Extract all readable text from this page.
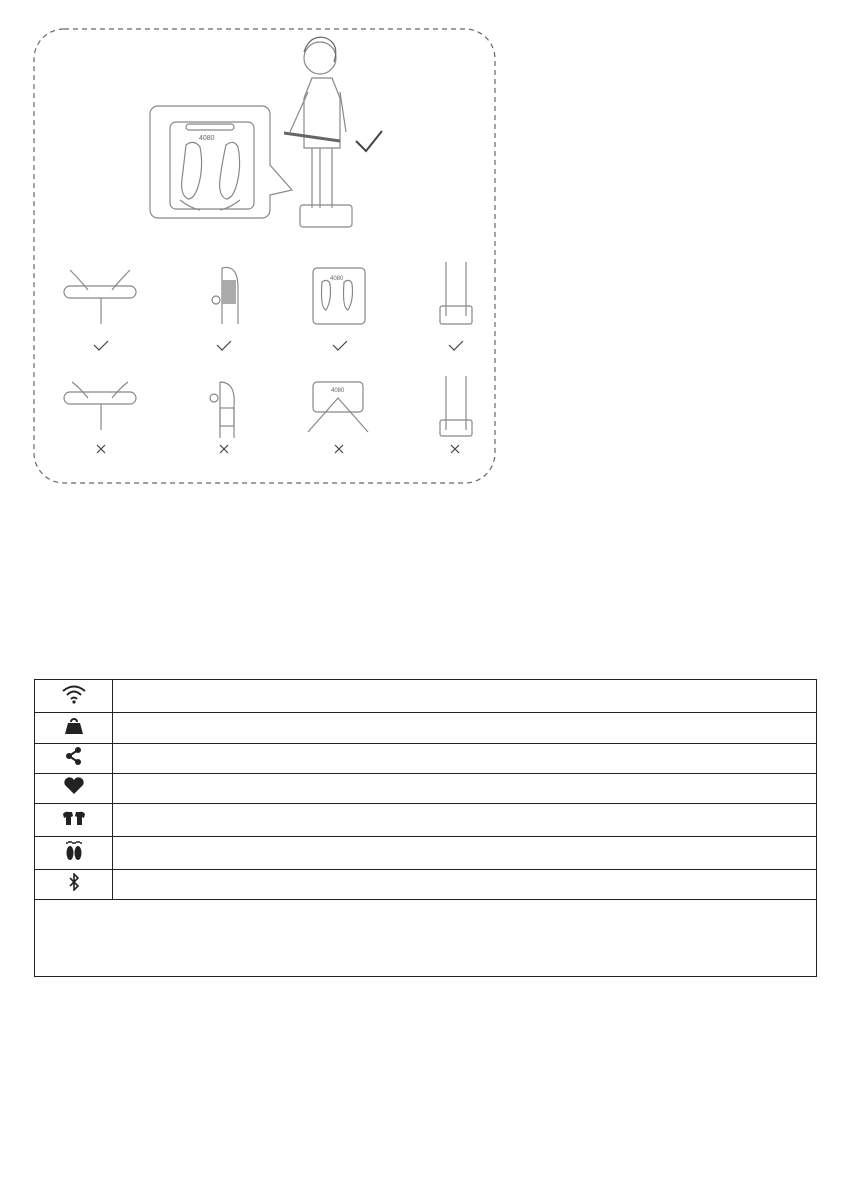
4080
4080
4080
